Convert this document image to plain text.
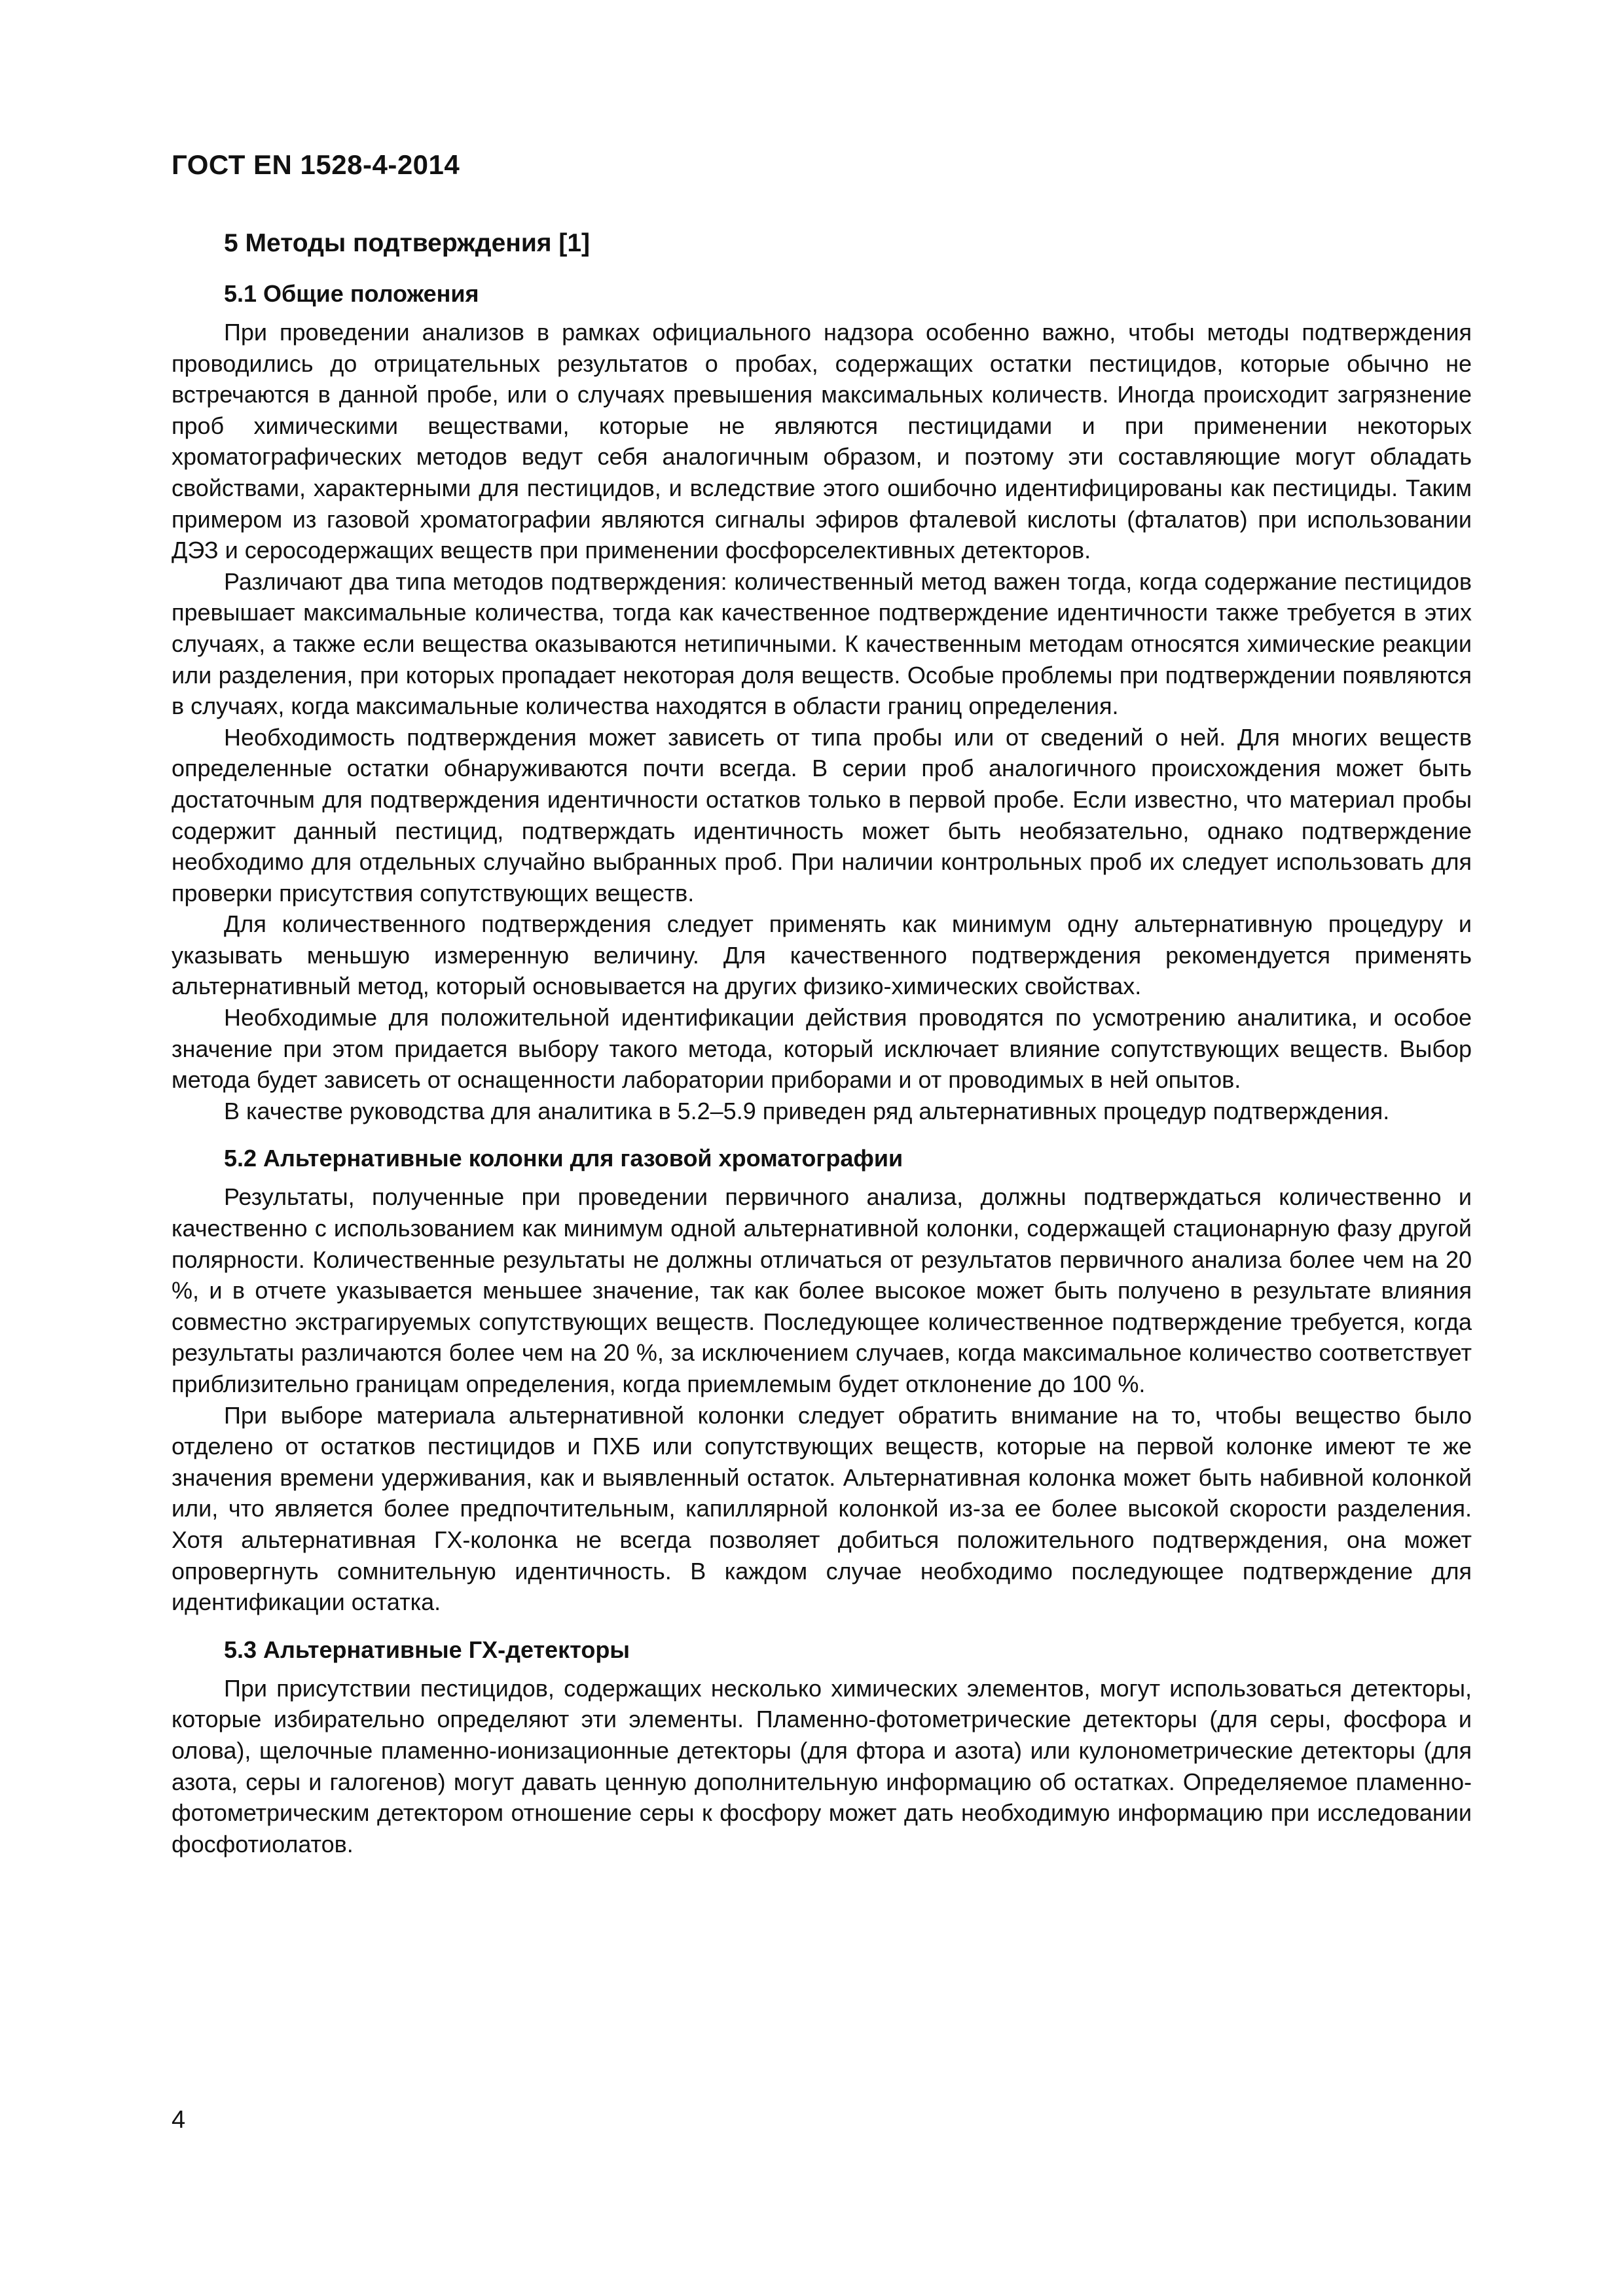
ГОСТ EN 1528-4-2014
5 Методы подтверждения [1]
5.1 Общие положения

При проведении анализов в рамках официального надзора особенно важно, чтобы методы подтверждения проводились до отрицательных результатов о пробах, содержащих остатки пестицидов, которые обычно не встречаются в данной пробе, или о случаях превышения максимальных количеств. Иногда происходит загрязнение проб химическими веществами, которые не являются пестицидами и при применении некоторых хроматографических методов ведут себя аналогичным образом, и поэтому эти составляющие могут обладать свойствами, характерными для пестицидов, и вследствие этого ошибочно идентифицированы как пестициды. Таким примером из газовой хроматографии являются сигналы эфиров фталевой кислоты (фталатов) при использовании ДЭЗ и серосодержащих веществ при применении фосфорселективных детекторов.

Различают два типа методов подтверждения: количественный метод важен тогда, когда содержание пестицидов превышает максимальные количества, тогда как качественное подтверждение идентичности также требуется в этих случаях, а также если вещества оказываются нетипичными. К качественным методам относятся химические реакции или разделения, при которых пропадает некоторая доля веществ. Особые проблемы при подтверждении появляются в случаях, когда максимальные количества находятся в области границ определения.

Необходимость подтверждения может зависеть от типа пробы или от сведений о ней. Для многих веществ определенные остатки обнаруживаются почти всегда. В серии проб аналогичного происхождения может быть достаточным для подтверждения идентичности остатков только в первой пробе. Если известно, что материал пробы содержит данный пестицид, подтверждать идентичность может быть необязательно, однако подтверждение необходимо для отдельных случайно выбранных проб. При наличии контрольных проб их следует использовать для проверки присутствия сопутствующих веществ.

Для количественного подтверждения следует применять как минимум одну альтернативную процедуру и указывать меньшую измеренную величину. Для качественного подтверждения рекомендуется применять альтернативный метод, который основывается на других физико-химических свойствах.

Необходимые для положительной идентификации действия проводятся по усмотрению аналитика, и особое значение при этом придается выбору такого метода, который исключает влияние сопутствующих веществ. Выбор метода будет зависеть от оснащенности лаборатории приборами и от проводимых в ней опытов.

В качестве руководства для аналитика в 5.2–5.9 приведен ряд альтернативных процедур подтверждения.

5.2 Альтернативные колонки для газовой хроматографии

Результаты, полученные при проведении первичного анализа, должны подтверждаться количественно и качественно с использованием как минимум одной альтернативной колонки, содержащей стационарную фазу другой полярности. Количественные результаты не должны отличаться от результатов первичного анализа более чем на 20 %, и в отчете указывается меньшее значение, так как более высокое может быть получено в результате влияния совместно экстрагируемых сопутствующих веществ. Последующее количественное подтверждение требуется, когда результаты различаются более чем на 20 %, за исключением случаев, когда максимальное количество соответствует приблизительно границам определения, когда приемлемым будет отклонение до 100 %.

При выборе материала альтернативной колонки следует обратить внимание на то, чтобы вещество было отделено от остатков пестицидов и ПХБ или сопутствующих веществ, которые на первой колонке имеют те же значения времени удерживания, как и выявленный остаток. Альтернативная колонка может быть набивной колонкой или, что является более предпочтительным, капиллярной колонкой из-за ее более высокой скорости разделения. Хотя альтернативная ГХ-колонка не всегда позволяет добиться положительного подтверждения, она может опровергнуть сомнительную идентичность. В каждом случае необходимо последующее подтверждение для идентификации остатка.

5.3 Альтернативные ГХ-детекторы

При присутствии пестицидов, содержащих несколько химических элементов, могут использоваться детекторы, которые избирательно определяют эти элементы. Пламенно-фотометрические детекторы (для серы, фосфора и олова), щелочные пламенно-ионизационные детекторы (для фтора и азота) или кулонометрические детекторы (для азота, серы и галогенов) могут давать ценную дополнительную информацию об остатках. Определяемое пламенно-фотометрическим детектором отношение серы к фосфору может дать необходимую информацию при исследовании фосфотиолатов.

4
